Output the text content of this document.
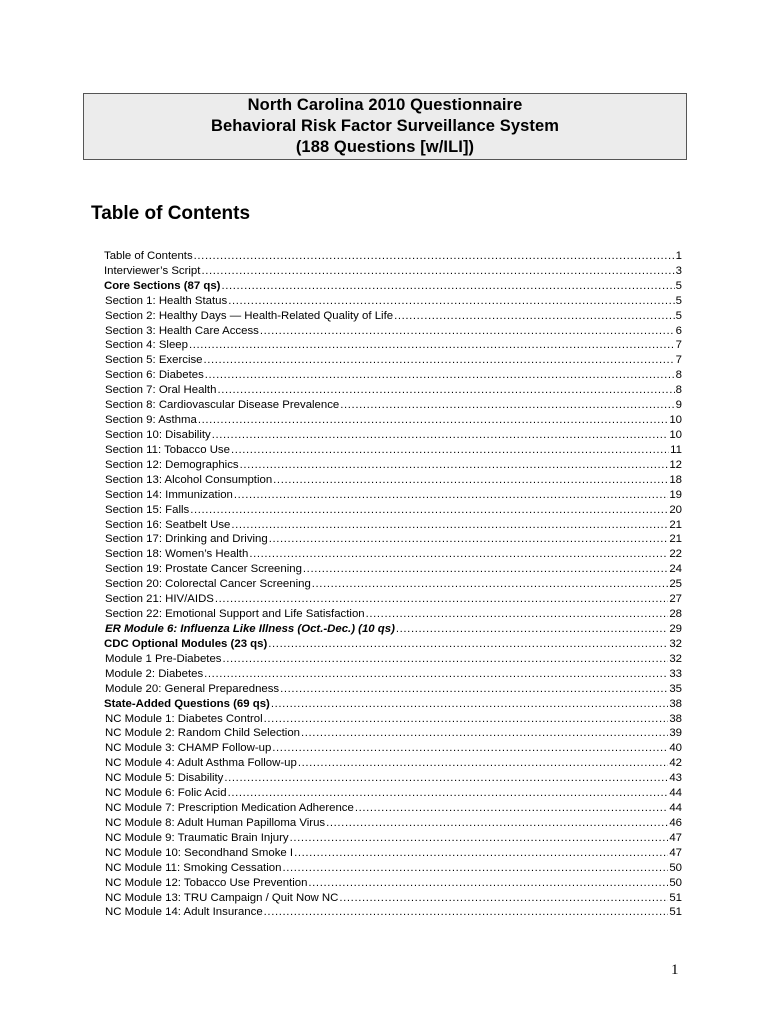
North Carolina 2010 Questionnaire
Behavioral Risk Factor Surveillance System
(188 Questions [w/ILI])
Table of Contents
Table of Contents .....	1
Interviewer’s Script .....	3
Core Sections (87 qs) .....	5
Section 1: Health Status .....	5
Section 2: Healthy Days — Health-Related Quality of Life .....	5
Section 3: Health Care Access .....	6
Section 4: Sleep .....	7
Section 5: Exercise .....	7
Section 6: Diabetes .....	8
Section 7: Oral Health .....	8
Section 8: Cardiovascular Disease Prevalence .....	9
Section 9: Asthma .....	10
Section 10: Disability .....	10
Section 11: Tobacco Use .....	11
Section 12: Demographics .....	12
Section 13: Alcohol Consumption .....	18
Section 14: Immunization .....	19
Section 15: Falls .....	20
Section 16: Seatbelt Use .....	21
Section 17: Drinking and Driving .....	21
Section 18: Women’s Health .....	22
Section 19: Prostate Cancer Screening .....	24
Section 20: Colorectal Cancer Screening .....	25
Section 21: HIV/AIDS .....	27
Section 22: Emotional Support and Life Satisfaction .....	28
ER Module 6: Influenza Like Illness (Oct.-Dec.) (10 qs) .....	29
CDC Optional Modules (23 qs) .....	32
Module 1 Pre-Diabetes .....	32
Module 2: Diabetes .....	33
Module 20: General Preparedness .....	35
State-Added Questions (69 qs) .....	38
NC Module 1: Diabetes Control .....	38
NC Module 2: Random Child Selection .....	39
NC Module 3: CHAMP Follow-up .....	40
NC Module 4: Adult Asthma Follow-up .....	42
NC Module 5: Disability .....	43
NC Module 6: Folic Acid .....	44
NC Module 7: Prescription Medication Adherence .....	44
NC Module 8: Adult Human Papilloma Virus .....	46
NC Module 9: Traumatic Brain Injury .....	47
NC Module 10: Secondhand Smoke I .....	47
NC Module 11: Smoking Cessation .....	50
NC Module 12: Tobacco Use Prevention .....	50
NC Module 13: TRU Campaign / Quit Now NC .....	51
NC Module 14: Adult Insurance .....	51
1
